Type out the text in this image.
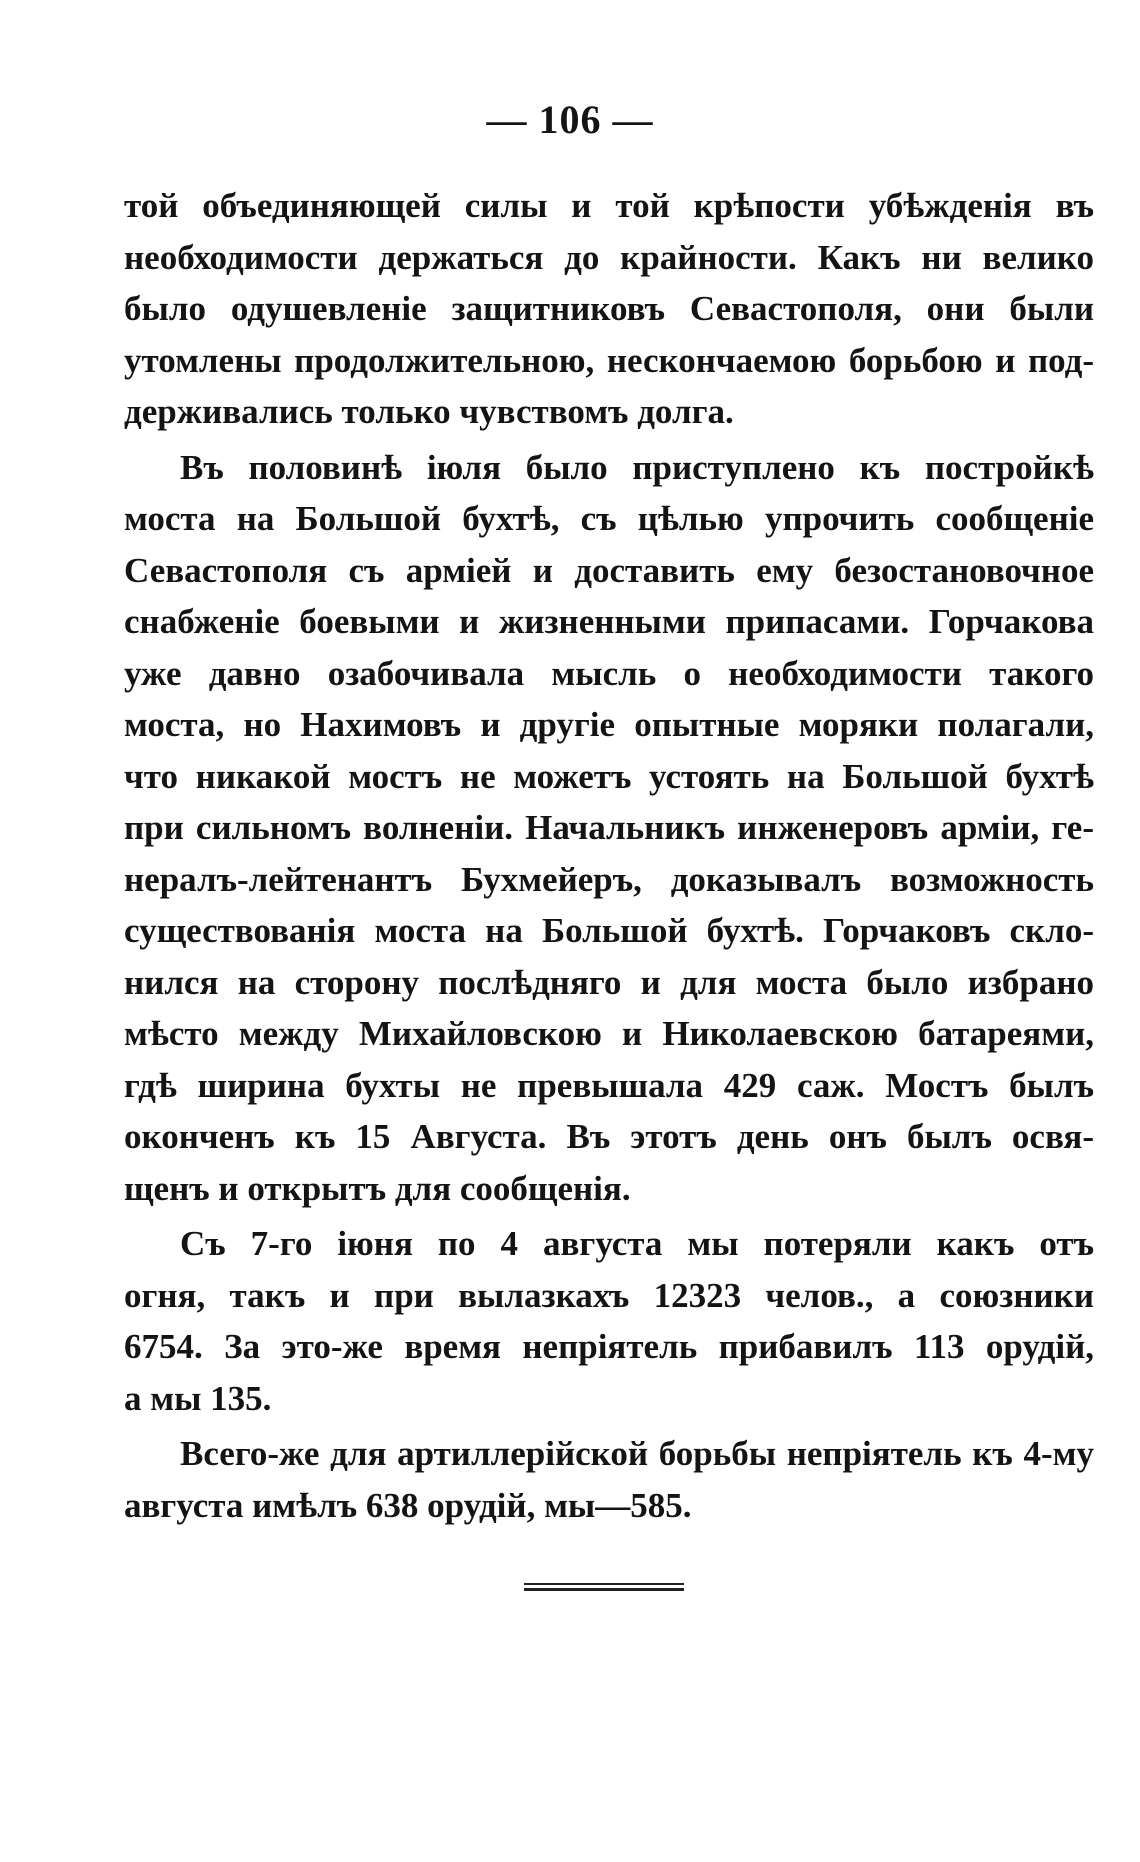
— 106 —
той объединяющей силы и той крѣпости убѣжденія въ
необходимости держаться до крайности. Какъ ни велико
было одушевленіе защитниковъ Севастополя, они были
утомлены продолжительною, нескончаемою борьбою и под-
держивались только чувствомъ долга.
Въ половинѣ іюля было приступлено къ постройкѣ
моста на Большой бухтѣ, съ цѣлью упрочить сообщеніе
Севастополя съ арміей и доставить ему безостановочное
снабженіе боевыми и жизненными припасами. Горчакова
уже давно озабочивала мысль о необходимости такого
моста, но Нахимовъ и другіе опытные моряки полагали,
что никакой мостъ не можетъ устоять на Большой бухтѣ
при сильномъ волненіи. Начальникъ инженеровъ арміи, ге-
нералъ-лейтенантъ Бухмейеръ, доказывалъ возможность
существованія моста на Большой бухтѣ. Горчаковъ скло-
нился на сторону послѣдняго и для моста было избрано
мѣсто между Михайловскою и Николаевскою батареями,
гдѣ ширина бухты не превышала 429 саж. Мостъ былъ
оконченъ къ 15 Августа. Въ этотъ день онъ былъ освя-
щенъ и открытъ для сообщенія.
Съ 7-го іюня по 4 августа мы потеряли какъ отъ
огня, такъ и при вылазкахъ 12323 челов., а союзники
6754. За это-же время непріятель прибавилъ 113 орудій,
а мы 135.
Всего-же для артиллерійской борьбы непріятель къ 4-му
августа имѣлъ 638 орудій, мы—585.
